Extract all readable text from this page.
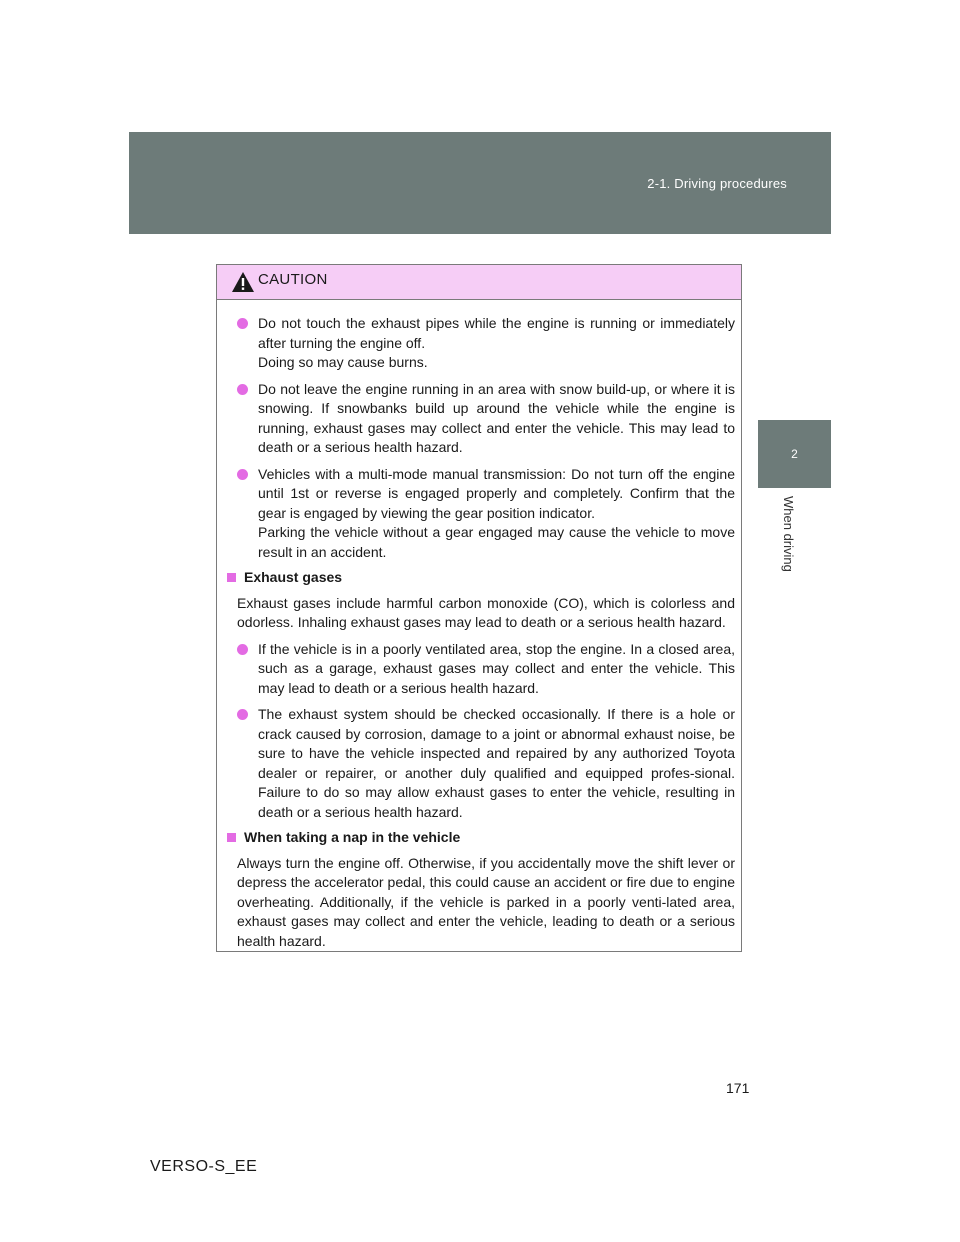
2-1. Driving procedures
2
When driving
CAUTION
Do not touch the exhaust pipes while the engine is running or immediately after turning the engine off.
Doing so may cause burns.
Do not leave the engine running in an area with snow build-up, or where it is snowing. If snowbanks build up around the vehicle while the engine is running, exhaust gases may collect and enter the vehicle. This may lead to death or a serious health hazard.
Vehicles with a multi-mode manual transmission: Do not turn off the engine until 1st or reverse is engaged properly and completely. Confirm that the gear is engaged by viewing the gear position indicator.
Parking the vehicle without a gear engaged may cause the vehicle to move result in an accident.
Exhaust gases
Exhaust gases include harmful carbon monoxide (CO), which is colorless and odorless. Inhaling exhaust gases may lead to death or a serious health hazard.
If the vehicle is in a poorly ventilated area, stop the engine. In a closed area, such as a garage, exhaust gases may collect and enter the vehicle. This may lead to death or a serious health hazard.
The exhaust system should be checked occasionally. If there is a hole or crack caused by corrosion, damage to a joint or abnormal exhaust noise, be sure to have the vehicle inspected and repaired by any authorized Toyota dealer or repairer, or another duly qualified and equipped profes-sional. Failure to do so may allow exhaust gases to enter the vehicle, resulting in death or a serious health hazard.
When taking a nap in the vehicle
Always turn the engine off. Otherwise, if you accidentally move the shift lever or depress the accelerator pedal, this could cause an accident or fire due to engine overheating. Additionally, if the vehicle is parked in a poorly venti-lated area, exhaust gases may collect and enter the vehicle, leading to death or a serious health hazard.
171
VERSO-S_EE
